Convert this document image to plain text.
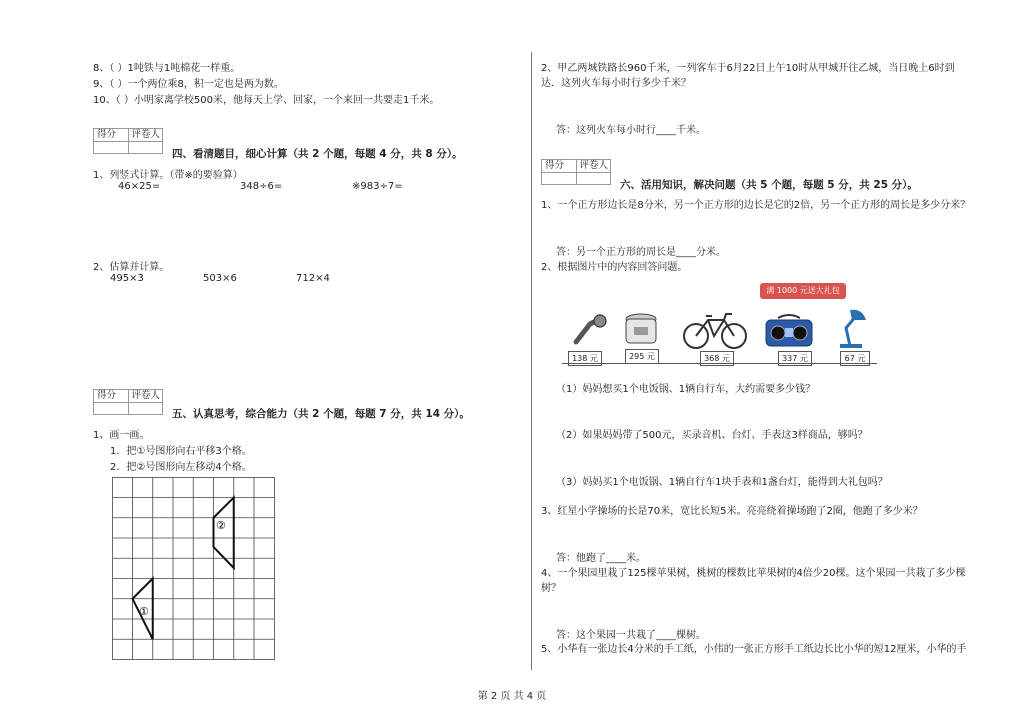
8、（ ）1吨铁与1吨棉花一样重。
9、（ ）一个两位乘8，积一定也是两为数。
10、（ ）小明家离学校500米，他每天上学、回家，一个来回一共要走1千米。
得分	评卷人
四、看清题目，细心计算（共 2 个题，每题 4 分，共 8 分）。
1、列竖式计算。（带※的要验算）
46×25=	348÷6=	※983÷7=
2、估算并计算。
495×3	503×6	712×4
得分	评卷人
五、认真思考，综合能力（共 2 个题，每题 7 分，共 14 分）。
1、画一画。
1．把①号图形向右平移3个格。
2．把②号图形向左移动4个格。
①
②
2、甲乙两城铁路长960千米，一列客车于6月22日上午10时从甲城开往乙城，当日晚上6时到
达．这列火车每小时行多少千米？
答：这列火车每小时行____千米。
得分	评卷人
六、活用知识，解决问题（共 5 个题，每题 5 分，共 25 分）。
1、一个正方形边长是8分米，另一个正方形的边长是它的2倍，另一个正方形的周长是多少分米？
答：另一个正方形的周长是____分米。
2、根据图片中的内容回答问题。
满 1000 元送大礼包
138 元	295 元	368 元	337 元	67 元
（1）妈妈想买1个电饭锅、1辆自行车，大约需要多少钱？
（2）如果妈妈带了500元，买录音机、台灯、手表这3样商品，够吗？
（3）妈妈买1个电饭锅、1辆自行车1块手表和1盏台灯，能得到大礼包吗？
3、红星小学操场的长是70米，宽比长短5米。亮亮绕着操场跑了2圈，他跑了多少米？
答：他跑了____米。
4、一个果园里栽了125棵苹果树，桃树的棵数比苹果树的4倍少20棵。这个果园一共栽了多少棵
树？
答：这个果园一共栽了____棵树。
5、小华有一张边长4分米的手工纸，小伟的一张正方形手工纸边长比小华的短12厘米，小华的手
第 2 页 共 4 页
